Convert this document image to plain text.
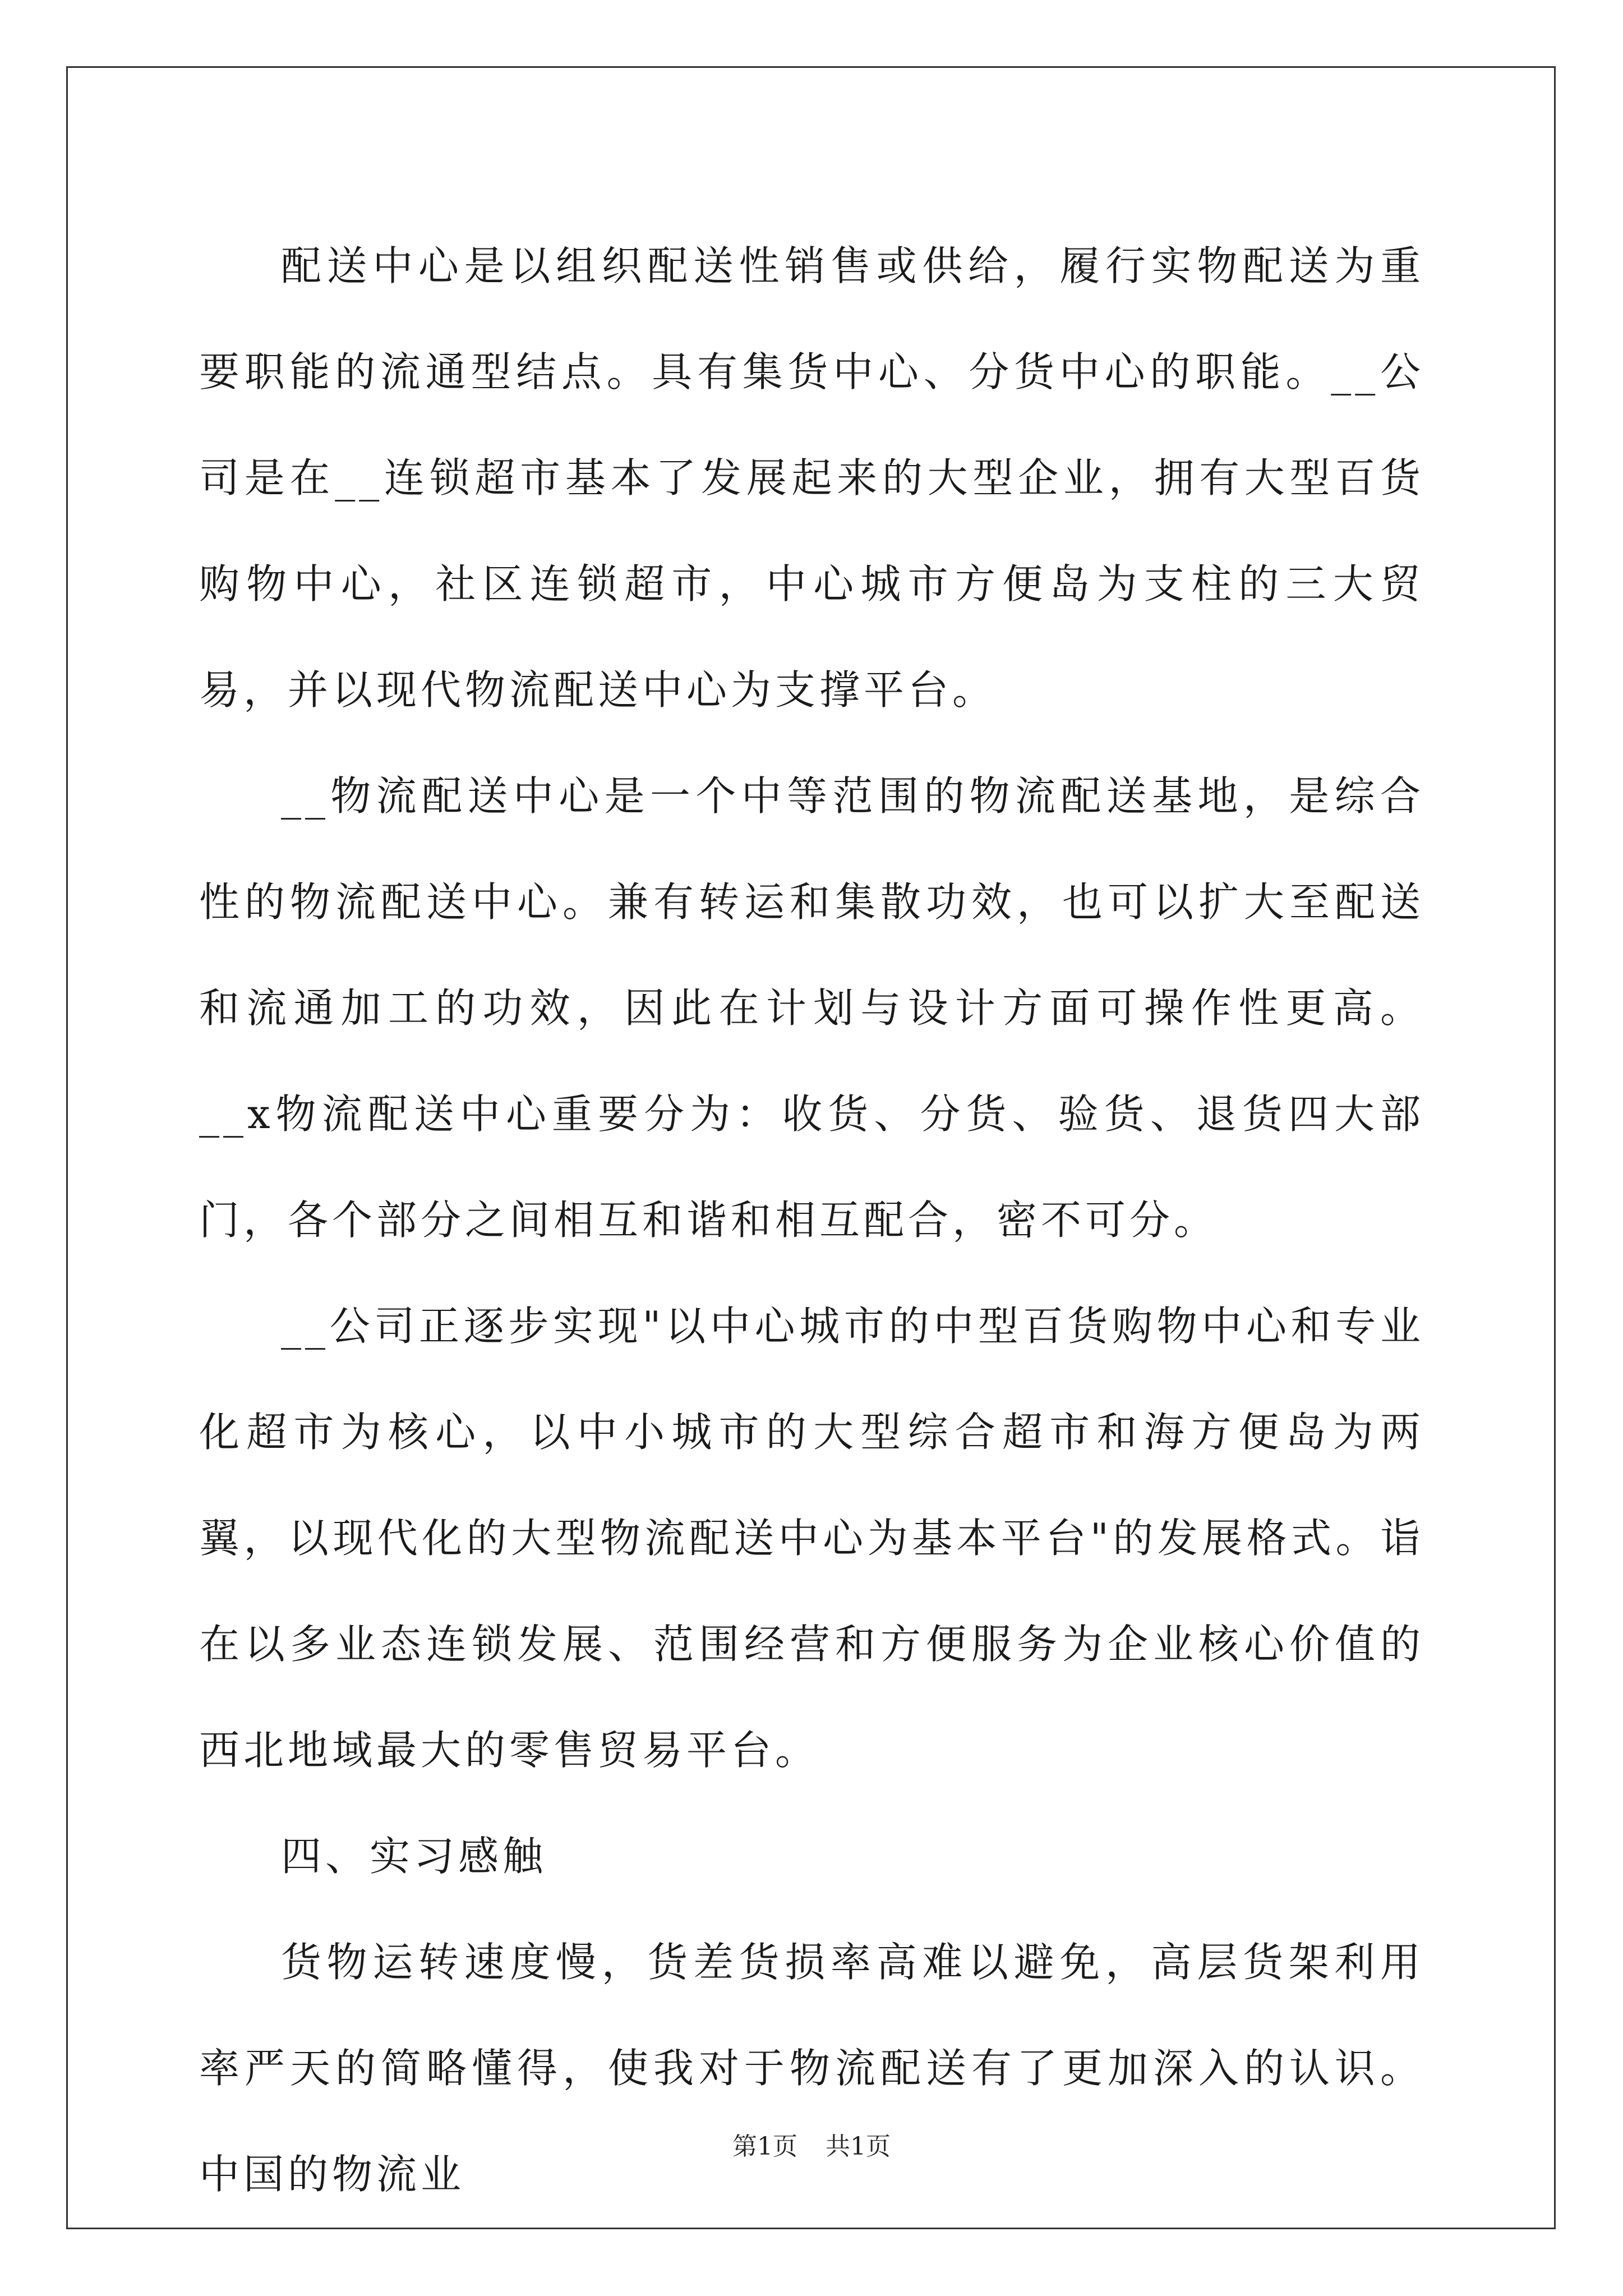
配送中心是以组织配送性销售或供给，履行实物配送为重要职能的流通型结点。具有集货中心、分货中心的职能。__公司是在__连锁超市基本了发展起来的大型企业，拥有大型百货购物中心，社区连锁超市，中心城市方便岛为支柱的三大贸易，并以现代物流配送中心为支撑平台。

__物流配送中心是一个中等范围的物流配送基地，是综合性的物流配送中心。兼有转运和集散功效，也可以扩大至配送和流通加工的功效，因此在计划与设计方面可操作性更高。__x物流配送中心重要分为：收货、分货、验货、退货四大部门，各个部分之间相互和谐和相互配合，密不可分。

__公司正逐步实现"以中心城市的中型百货购物中心和专业化超市为核心，以中小城市的大型综合超市和海方便岛为两翼，以现代化的大型物流配送中心为基本平台"的发展格式。诣在以多业态连锁发展、范围经营和方便服务为企业核心价值的西北地域最大的零售贸易平台。

四、实习感触

货物运转速度慢，货差货损率高难以避免，高层货架利用率严天的简略懂得，使我对于物流配送有了更加深入的认识。中国的物流业

第1页 共1页
